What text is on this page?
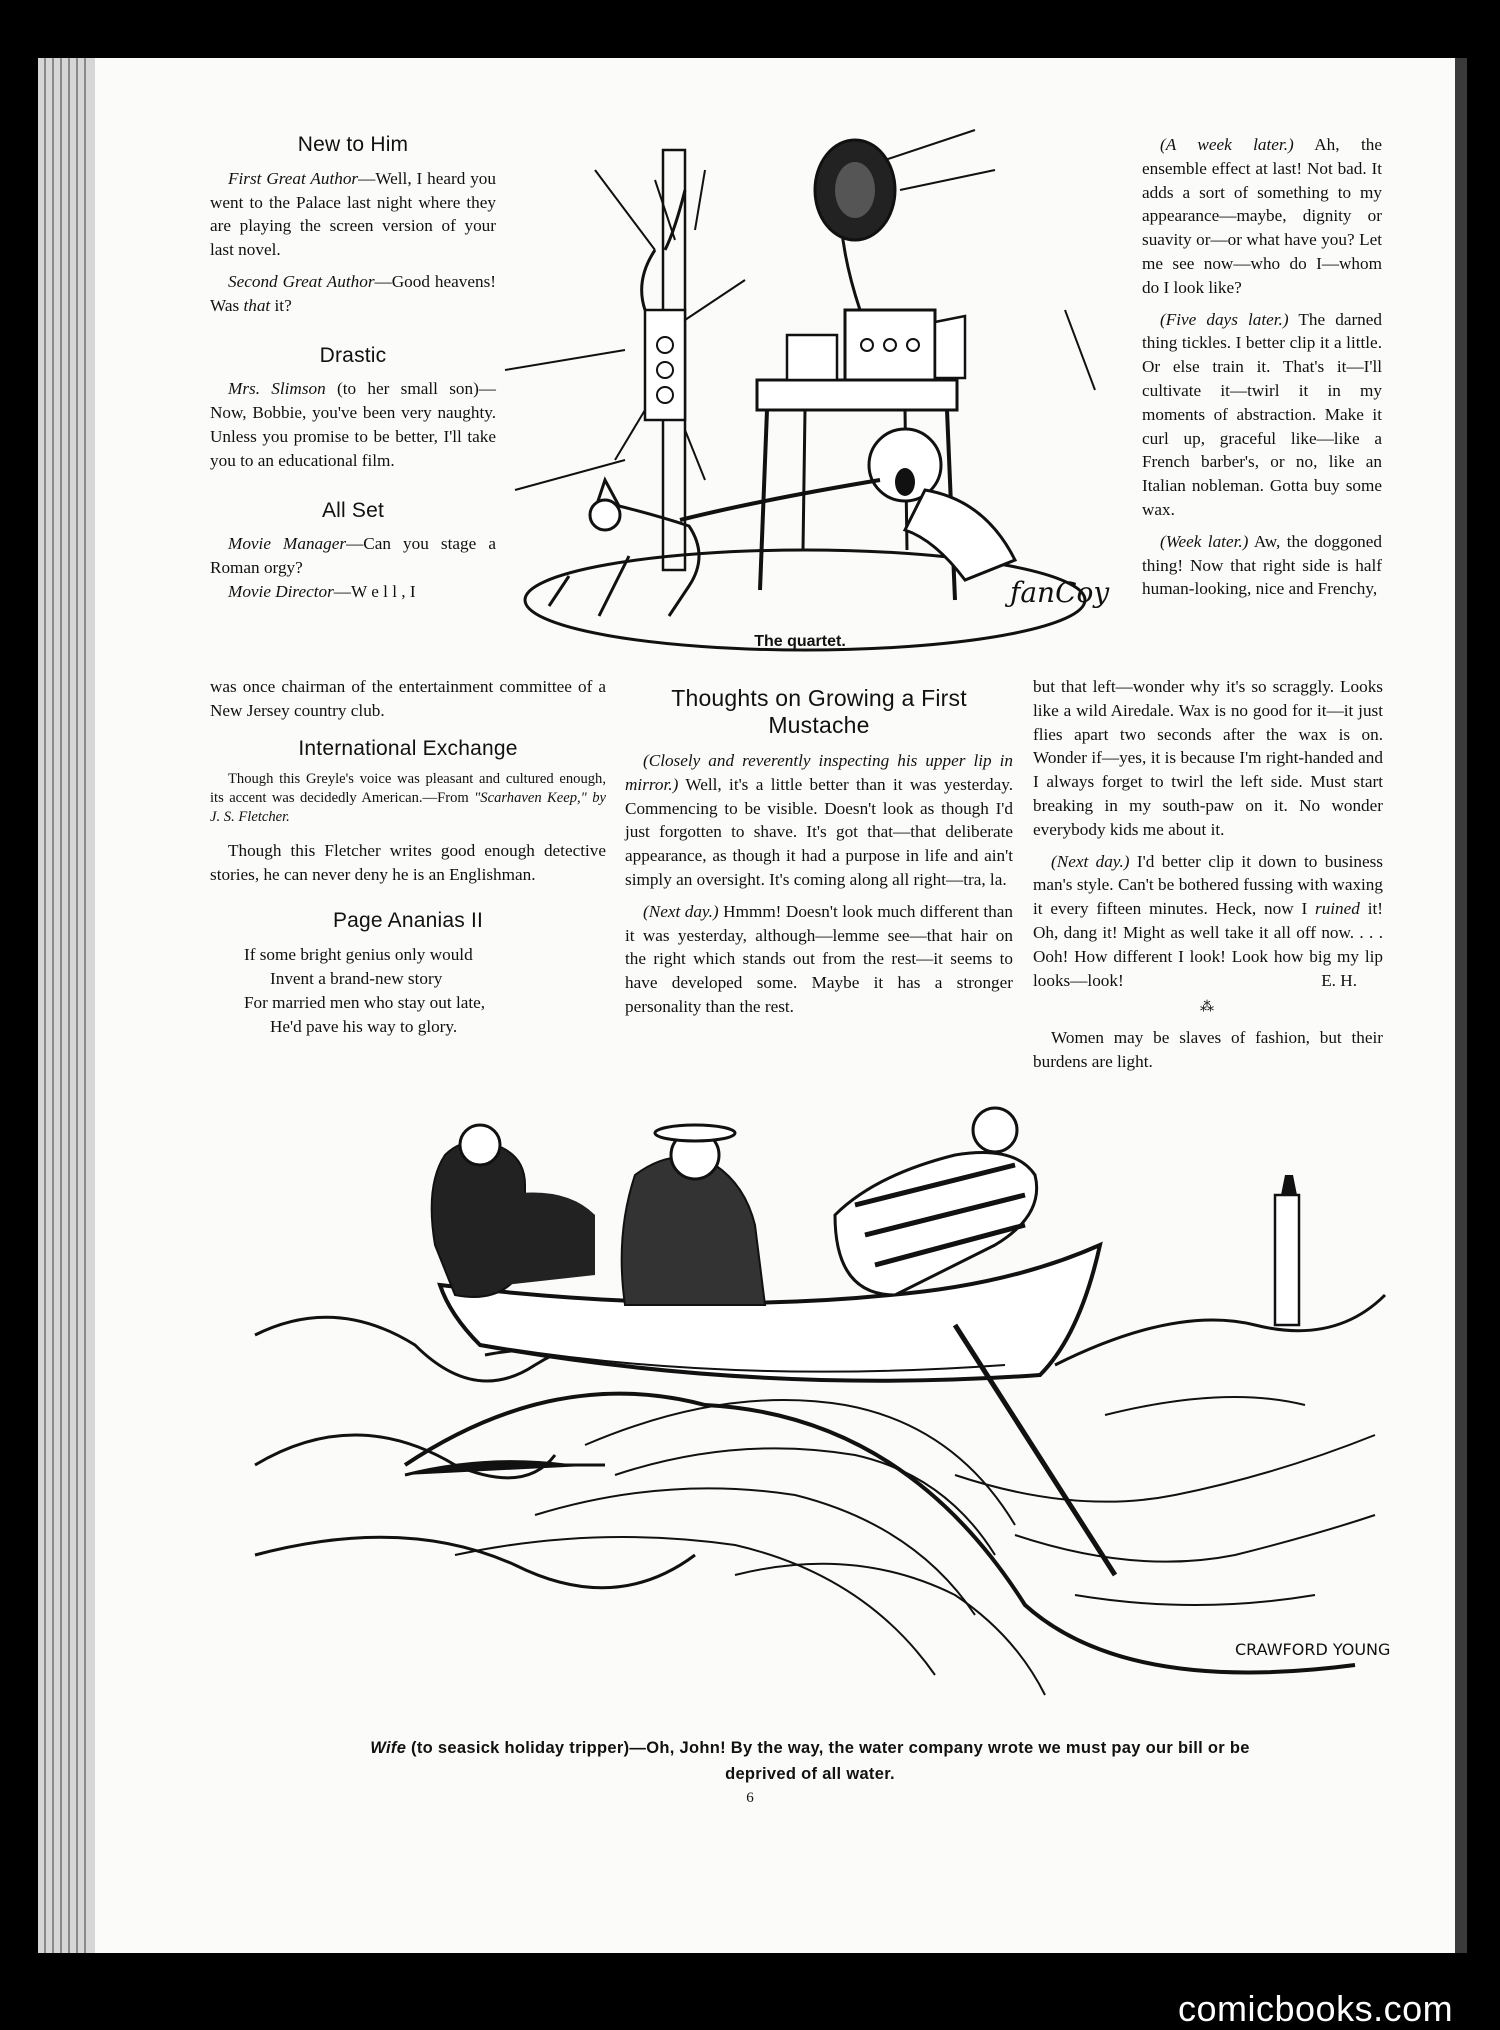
New to Him

First Great Author—Well, I heard you went to the Palace last night where they are playing the screen version of your last novel.

Second Great Author—Good heavens! Was that it?

Drastic

Mrs. Slimson (to her small son)—Now, Bobbie, you've been very naughty. Unless you promise to be better, I'll take you to an educational film.

All Set

Movie Manager—Can you stage a Roman orgy?

Movie Director—W e l l , I

was once chairman of the entertainment committee of a New Jersey country club.

International Exchange

Though this Greyle's voice was pleasant and cultured enough, its accent was decidedly American.—From "Scarhaven Keep," by J. S. Fletcher.

Though this Fletcher writes good enough detective stories, he can never deny he is an Englishman.

Page Ananias II
If some bright genius only would
Invent a brand-new story
For married men who stay out late,
He'd pave his way to glory.
ƒanCoy
The quartet.
Thoughts on Growing a First Mustache

(Closely and reverently inspecting his upper lip in mirror.) Well, it's a little better than it was yesterday. Commencing to be visible. Doesn't look as though I'd just forgotten to shave. It's got that—that deliberate appearance, as though it had a purpose in life and ain't simply an oversight. It's coming along all right—tra, la.

(Next day.) Hmmm! Doesn't look much different than it was yesterday, although—lemme see—that hair on the right which stands out from the rest—it seems to have developed some. Maybe it has a stronger personality than the rest.

(A week later.) Ah, the ensemble effect at last! Not bad. It adds a sort of something to my appearance—maybe, dignity or suavity or—or what have you? Let me see now—who do I—whom do I look like?

(Five days later.) The darned thing tickles. I better clip it a little. Or else train it. That's it—I'll cultivate it—twirl it in my moments of abstraction. Make it curl up, graceful like—like a French barber's, or no, like an Italian nobleman. Gotta buy some wax.

(Week later.) Aw, the doggoned thing! Now that right side is half human-looking, nice and Frenchy,

but that left—wonder why it's so scraggly. Looks like a wild Airedale. Wax is no good for it—it just flies apart two seconds after the wax is on. Wonder if—yes, it is because I'm right-handed and I always forget to twirl the left side. Must start breaking in my south-paw on it. No wonder everybody kids me about it.

(Next day.) I'd better clip it down to business man's style. Can't be bothered fussing with waxing it every fifteen minutes. Heck, now I ruined it! Oh, dang it! Might as well take it all off now. . . . Ooh! How different I look! Look how big my lip looks—look!	E. H.

⁂

Women may be slaves of fashion, but their burdens are light.

CRAWFORD YOUNG
Wife (to seasick holiday tripper)—Oh, John! By the way, the water company wrote we must pay our bill or be deprived of all water.
6
comicbooks.com
